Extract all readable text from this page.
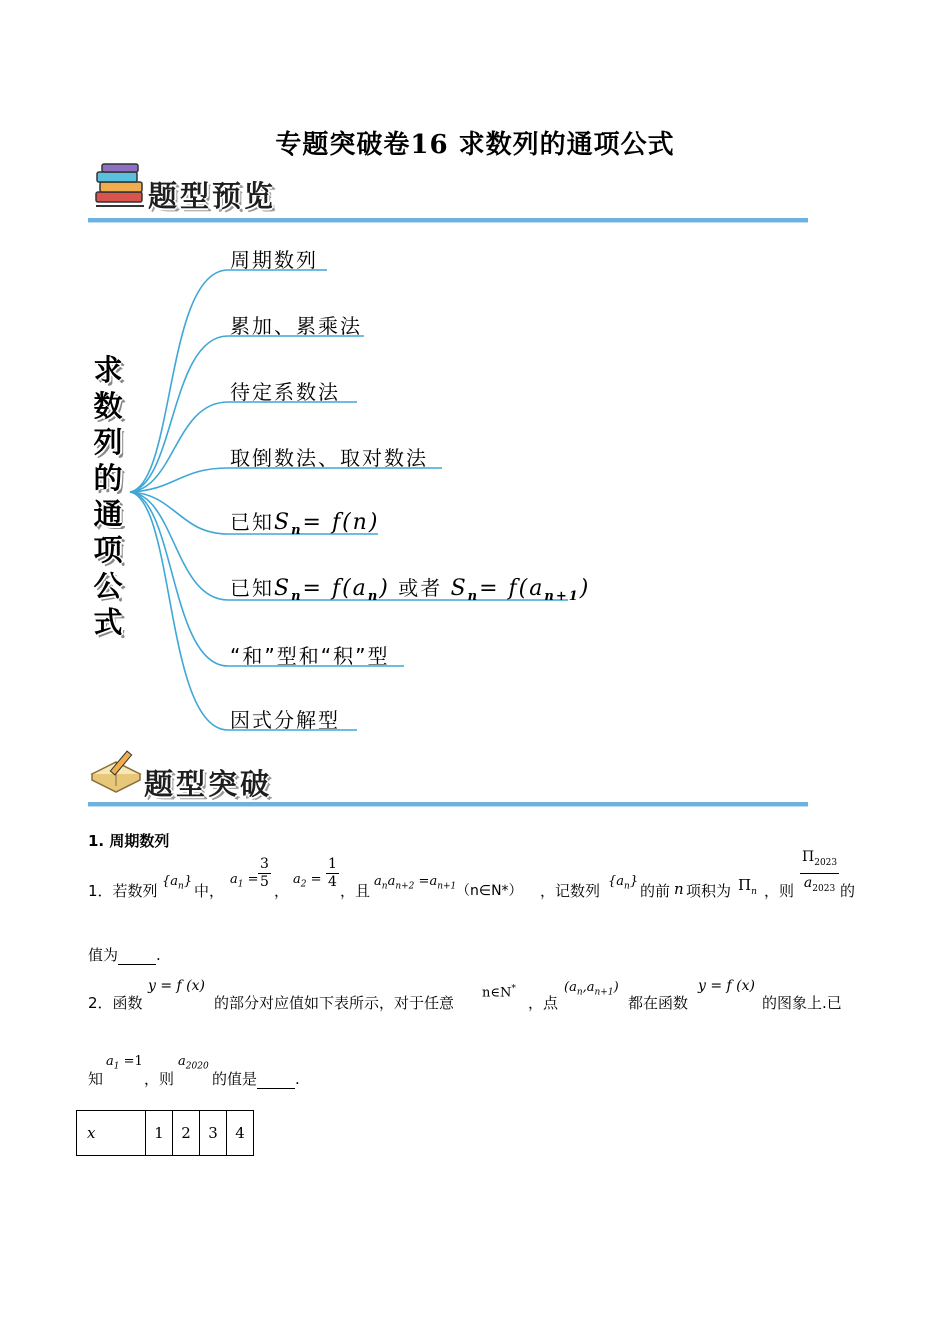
专题突破卷16 求数列的通项公式
题型预览
求
数
列
的
通
项
公
式
周期数列
累加、累乘法
待定系数法
取倒数法、取对数法
已知$S_n= f(n)$
已知$S_n= f(a_n)$ 或者 $S_n= f(a_{n+1})$
“和”型和“积”型
因式分解型
题型突破
1. 周期数列
1．若数列
$\{a_n\}$
中，
$a_1 = \frac{3}{5}$ ，
$a_2 = \frac{1}{4}$ ，且
$a_na_{n+2} =a_{n+1}$ （n∈N*） ，记数列
$\{a_n\}$
的前 n 项积为 $\Pi_n$ ，则 $\frac{\Pi_{2023}}{a_{2023}}$ 的
值为	.
2．函数
y = f (x)
的部分对应值如下表所示，对于任意
n∈N*
，点
$(a_n,a_{n+1})$
都在函数
y = f (x)
的图象上.已
知
$a_1 =1$
，则
$a_{2020}$
的值是	.
x	1	2	3	4
